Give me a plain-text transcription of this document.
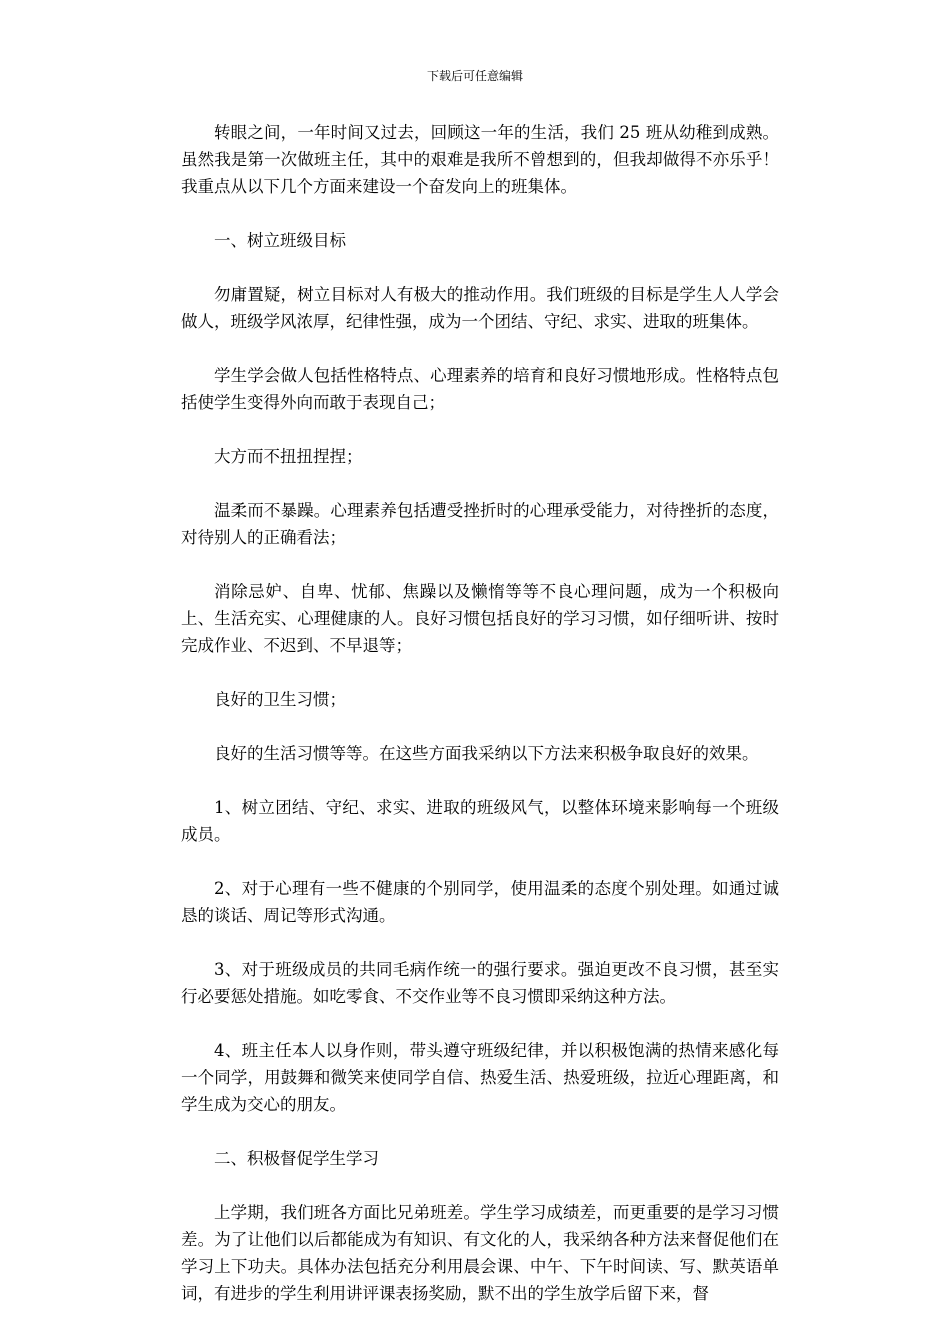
下载后可任意编辑

转眼之间，一年时间又过去，回顾这一年的生活，我们 25 班从幼稚到成熟。虽然我是第一次做班主任，其中的艰难是我所不曾想到的，但我却做得不亦乐乎！我重点从以下几个方面来建设一个奋发向上的班集体。

一、树立班级目标

勿庸置疑，树立目标对人有极大的推动作用。我们班级的目标是学生人人学会做人，班级学风浓厚，纪律性强，成为一个团结、守纪、求实、进取的班集体。

学生学会做人包括性格特点、心理素养的培育和良好习惯地形成。性格特点包括使学生变得外向而敢于表现自己；

大方而不扭扭捏捏；

温柔而不暴躁。心理素养包括遭受挫折时的心理承受能力，对待挫折的态度，对待别人的正确看法；

消除忌妒、自卑、忧郁、焦躁以及懒惰等等不良心理问题，成为一个积极向上、生活充实、心理健康的人。良好习惯包括良好的学习习惯，如仔细听讲、按时完成作业、不迟到、不早退等；

良好的卫生习惯；

良好的生活习惯等等。在这些方面我采纳以下方法来积极争取良好的效果。

1、树立团结、守纪、求实、进取的班级风气，以整体环境来影响每一个班级成员。

2、对于心理有一些不健康的个别同学，使用温柔的态度个别处理。如通过诚恳的谈话、周记等形式沟通。

3、对于班级成员的共同毛病作统一的强行要求。强迫更改不良习惯，甚至实行必要惩处措施。如吃零食、不交作业等不良习惯即采纳这种方法。

4、班主任本人以身作则，带头遵守班级纪律，并以积极饱满的热情来感化每一个同学，用鼓舞和微笑来使同学自信、热爱生活、热爱班级，拉近心理距离，和学生成为交心的朋友。

二、积极督促学生学习

上学期，我们班各方面比兄弟班差。学生学习成绩差，而更重要的是学习习惯差。为了让他们以后都能成为有知识、有文化的人，我采纳各种方法来督促他们在学习上下功夫。具体办法包括充分利用晨会课、中午、下午时间读、写、默英语单词，有进步的学生利用讲评课表扬奖励，默不出的学生放学后留下来，督
